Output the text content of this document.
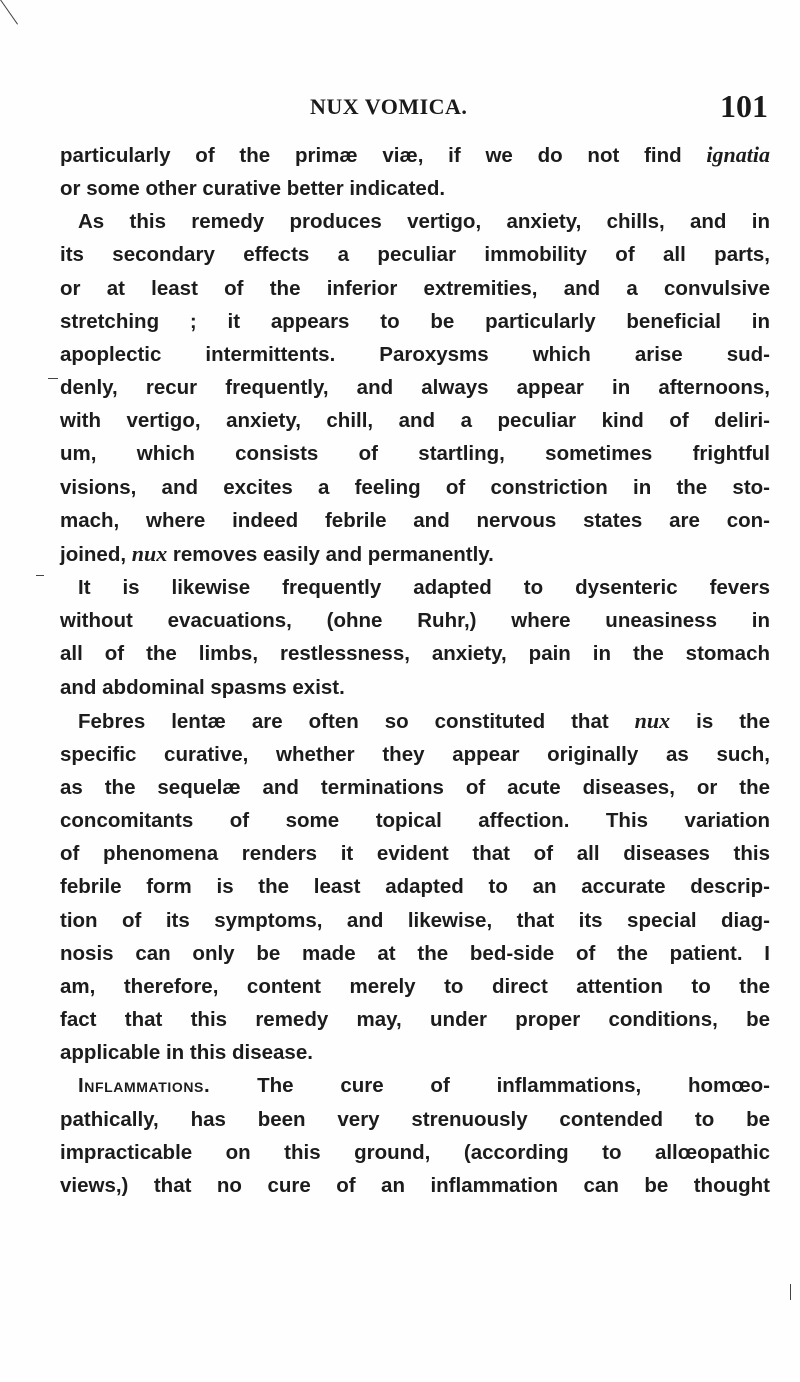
NUX VOMICA.	101
particularly of the primæ viæ, if we do not find ignatia
or some other curative better indicated.
As this remedy produces vertigo, anxiety, chills, and in
its secondary effects a peculiar immobility of all parts,
or at least of the inferior extremities, and a convulsive
stretching ; it appears to be particularly beneficial in
apoplectic intermittents. Paroxysms which arise sud-
denly, recur frequently, and always appear in afternoons,
with vertigo, anxiety, chill, and a peculiar kind of deliri-
um, which consists of startling, sometimes frightful
visions, and excites a feeling of constriction in the sto-
mach, where indeed febrile and nervous states are con-
joined, nux removes easily and permanently.
It is likewise frequently adapted to dysenteric fevers
without evacuations, (ohne Ruhr,) where uneasiness in
all of the limbs, restlessness, anxiety, pain in the stomach
and abdominal spasms exist.
Febres lentæ are often so constituted that nux is the
specific curative, whether they appear originally as such,
as the sequelæ and terminations of acute diseases, or the
concomitants of some topical affection. This variation
of phenomena renders it evident that of all diseases this
febrile form is the least adapted to an accurate descrip-
tion of its symptoms, and likewise, that its special diag-
nosis can only be made at the bed-side of the patient. I
am, therefore, content merely to direct attention to the
fact that this remedy may, under proper conditions, be
applicable in this disease.
Inflammations. The cure of inflammations, homœo-
pathically, has been very strenuously contended to be
impracticable on this ground, (according to allœopathic
views,) that no cure of an inflammation can be thought
